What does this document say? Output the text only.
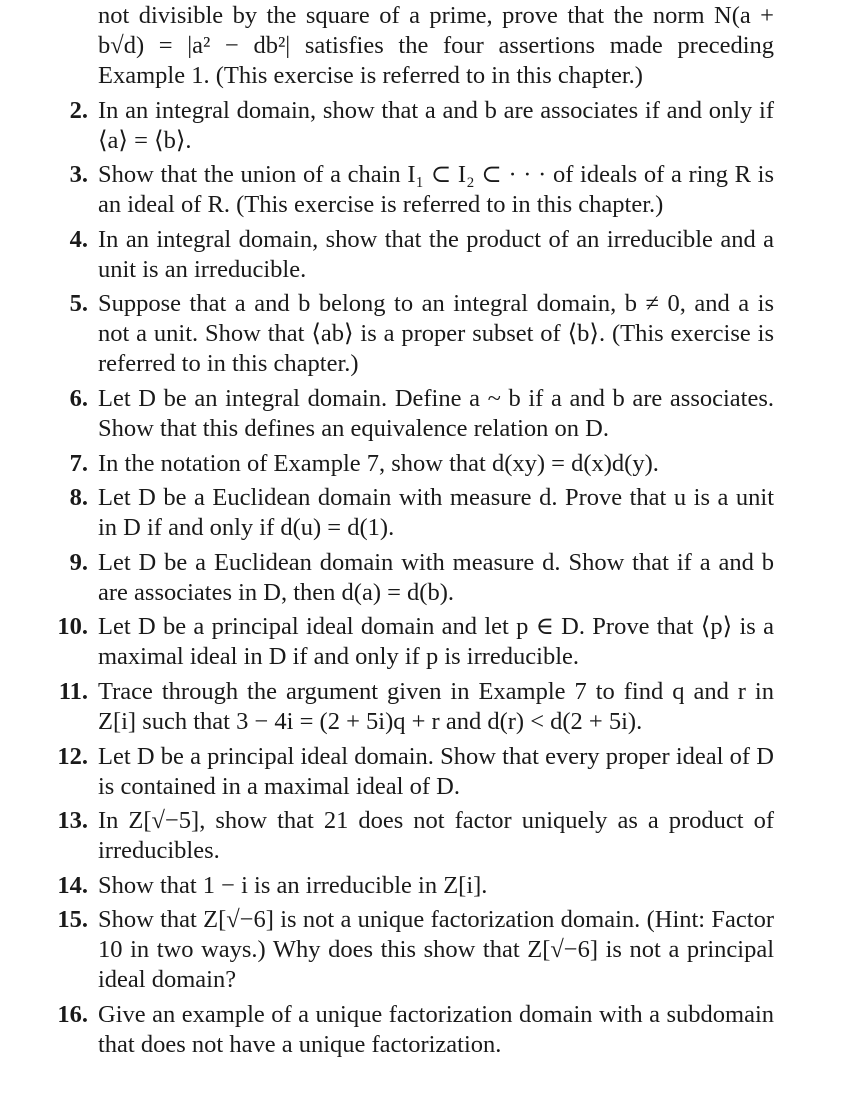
not divisible by the square of a prime, prove that the norm N(a + b√d) = |a² − db²| satisfies the four assertions made preceding Example 1. (This exercise is referred to in this chapter.)
2. In an integral domain, show that a and b are associates if and only if ⟨a⟩ = ⟨b⟩.
3. Show that the union of a chain I₁ ⊂ I₂ ⊂ · · · of ideals of a ring R is an ideal of R. (This exercise is referred to in this chapter.)
4. In an integral domain, show that the product of an irreducible and a unit is an irreducible.
5. Suppose that a and b belong to an integral domain, b ≠ 0, and a is not a unit. Show that ⟨ab⟩ is a proper subset of ⟨b⟩. (This exercise is referred to in this chapter.)
6. Let D be an integral domain. Define a ~ b if a and b are associates. Show that this defines an equivalence relation on D.
7. In the notation of Example 7, show that d(xy) = d(x)d(y).
8. Let D be a Euclidean domain with measure d. Prove that u is a unit in D if and only if d(u) = d(1).
9. Let D be a Euclidean domain with measure d. Show that if a and b are associates in D, then d(a) = d(b).
10. Let D be a principal ideal domain and let p ∈ D. Prove that ⟨p⟩ is a maximal ideal in D if and only if p is irreducible.
11. Trace through the argument given in Example 7 to find q and r in Z[i] such that 3 − 4i = (2 + 5i)q + r and d(r) < d(2 + 5i).
12. Let D be a principal ideal domain. Show that every proper ideal of D is contained in a maximal ideal of D.
13. In Z[√−5], show that 21 does not factor uniquely as a product of irreducibles.
14. Show that 1 − i is an irreducible in Z[i].
15. Show that Z[√−6] is not a unique factorization domain. (Hint: Factor 10 in two ways.) Why does this show that Z[√−6] is not a principal ideal domain?
16. Give an example of a unique factorization domain with a subdomain that does not have a unique factorization.
